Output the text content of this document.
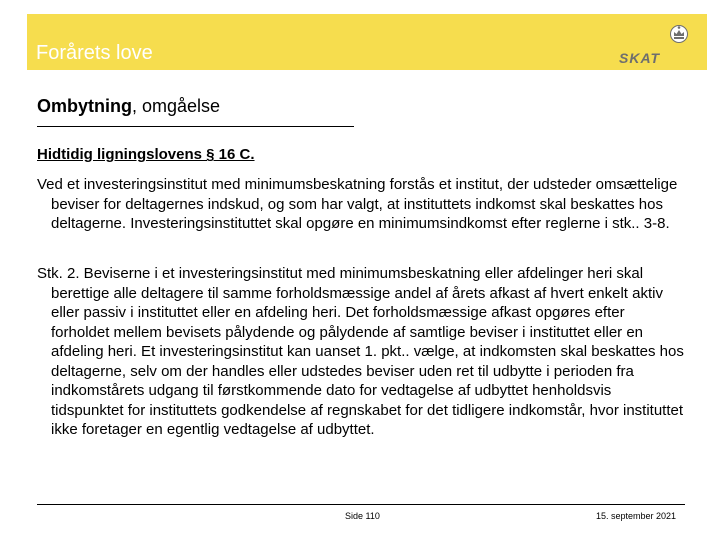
Forårets love	SKAT
Ombytning, omgåelse
Hidtidig ligningslovens § 16 C.
Ved et investeringsinstitut med minimumsbeskatning forstås et institut, der udsteder omsættelige beviser for deltagernes indskud, og som har valgt, at instituttets indkomst skal beskattes hos deltagerne. Investeringsinstituttet skal opgøre en minimumsindkomst efter reglerne i stk.. 3-8.
Stk. 2. Beviserne i et investeringsinstitut med minimumsbeskatning eller afdelinger heri skal berettige alle deltagere til samme forholdsmæssige andel af årets afkast af hvert enkelt aktiv eller passiv i instituttet eller en afdeling heri. Det forholdsmæssige afkast opgøres efter forholdet mellem bevisets pålydende og pålydende af samtlige beviser i instituttet eller en afdeling heri. Et investeringsinstitut kan uanset 1. pkt.. vælge, at indkomsten skal beskattes hos deltagerne, selv om der handles eller udstedes beviser uden ret til udbytte i perioden fra indkomstårets udgang til førstkommende dato for vedtagelse af udbyttet henholdsvis tidspunktet for instituttets godkendelse af regnskabet for det tidligere indkomstår, hvor instituttet ikke foretager en egentlig vedtagelse af udbyttet.
Side 110	15. september 2021
